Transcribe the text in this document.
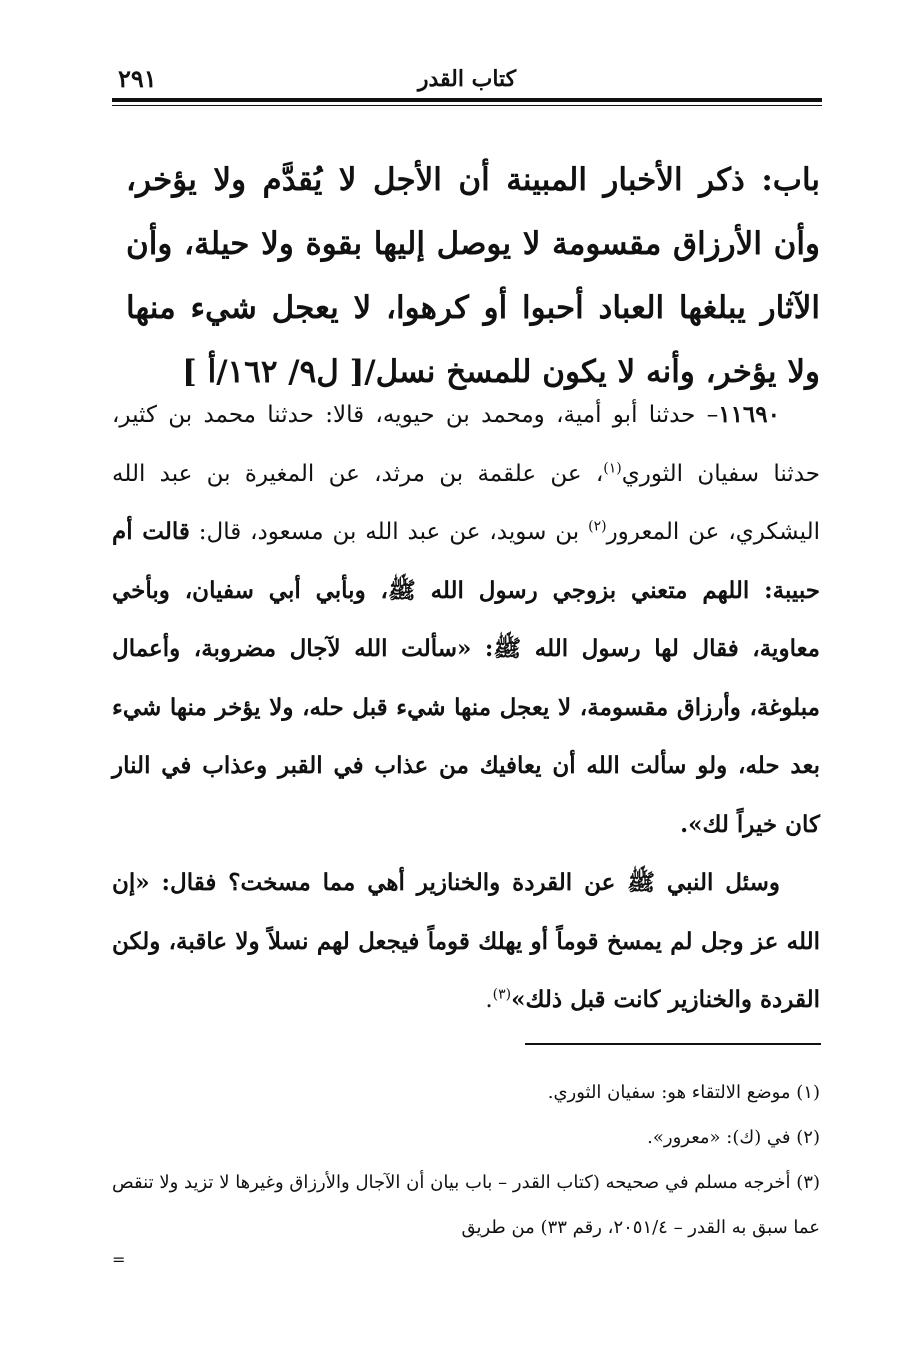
كتاب القدر
٢٩١
باب: ذكر الأخبار المبينة أن الأجل لا يُقدَّم ولا يؤخر، وأن الأرزاق مقسومة لا يوصل إليها بقوة ولا حيلة، وأن الآثار يبلغها العباد أحبوا أو كرهوا، لا يعجل شيء منها ولا يؤخر، وأنه لا يكون للمسخ نسل/[ ل٩/ ١٦٢/أ ]

١١٦٩٠– حدثنا أبو أمية، ومحمد بن حيويه، قالا: حدثنا محمد بن كثير، حدثنا سفيان الثوري$^{(١)}$، عن علقمة بن مرثد، عن المغيرة بن عبد الله اليشكري، عن المعرور$^{(٢)}$ بن سويد، عن عبد الله بن مسعود، قال: قالت أم حبيبة: اللهم متعني بزوجي رسول الله ﷺ، وبأبي أبي سفيان، وبأخي معاوية، فقال لها رسول الله ﷺ: «سألت الله لآجال مضروبة، وأعمال مبلوغة، وأرزاق مقسومة، لا يعجل منها شيء قبل حله، ولا يؤخر منها شيء بعد حله، ولو سألت الله أن يعافيك من عذاب في القبر وعذاب في النار كان خيراً لك».

وسئل النبي ﷺ عن القردة والخنازير أهي مما مسخت؟ فقال: «إن الله عز وجل لم يمسخ قوماً أو يهلك قوماً فيجعل لهم نسلاً ولا عاقبة، ولكن القردة والخنازير كانت قبل ذلك»$^{(٣)}$.

(١) موضع الالتقاء هو: سفيان الثوري.

(٢) في (ك): «معرور».

(٣) أخرجه مسلم في صحيحه (كتاب القدر – باب بيان أن الآجال والأرزاق وغيرها لا تزيد ولا تنقص عما سبق به القدر – ٢٠٥١/٤، رقم ٣٣) من طريق

=
